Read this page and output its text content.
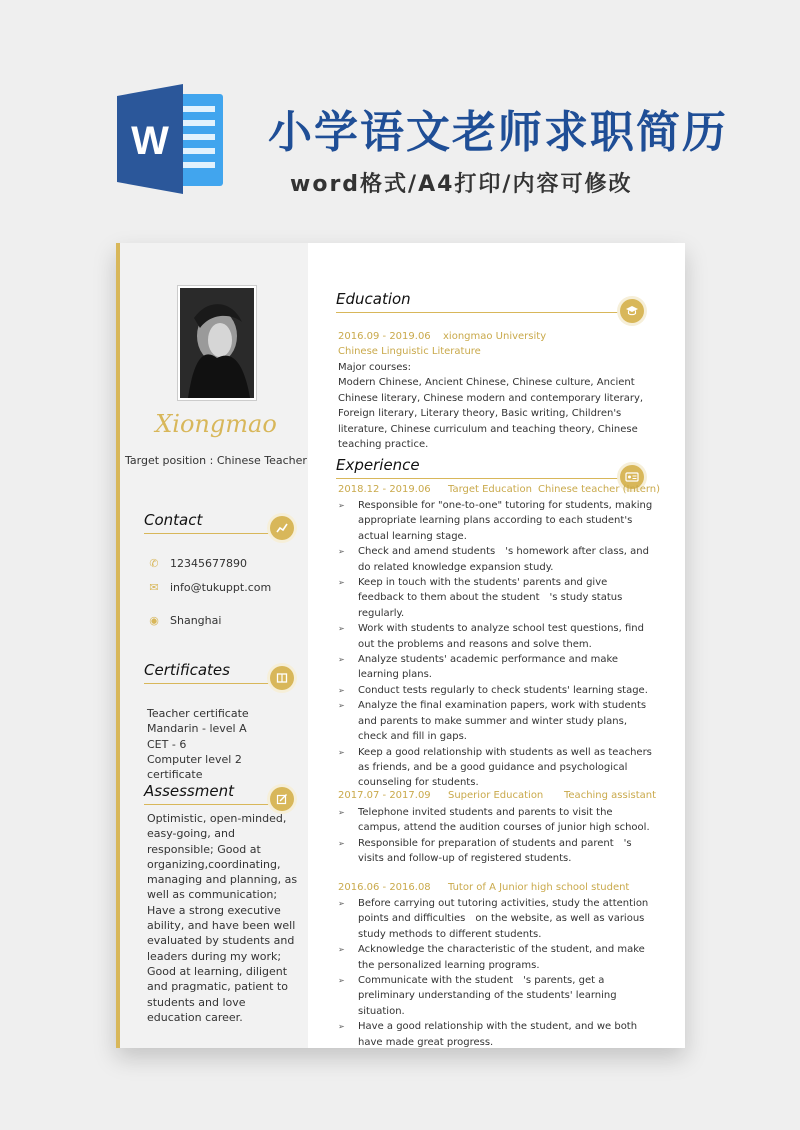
W 小学语文老师求职简历
word格式/A4打印/内容可修改
Xiongmao
Target position : Chinese Teacher
Contact
✆ 12345677890
✉ info@tukuppt.com
◉ Shanghai
Certificates
Teacher certificate
Mandarin - level A
CET - 6
Computer level 2 certificate
Assessment
Optimistic, open-minded, easy-going, and responsible; Good at organizing,coordinating, managing and planning, as well as communication; Have a strong executive ability, and have been well evaluated by students and leaders during my work; Good at learning, diligent and pragmatic, patient to students and love education career.
Education
2016.09 - 2019.06 xiongmao University
Chinese Linguistic Literature
Major courses:
Modern Chinese, Ancient Chinese, Chinese culture, Ancient Chinese literary, Chinese modern and contemporary literary, Foreign literary, Literary theory, Basic writing, Children's literature, Chinese curriculum and teaching theory, Chinese teaching practice.
Experience
2018.12 - 2019.06 Target Education Chinese teacher (Intern)
➢ Responsible for "one-to-one" tutoring for students, making appropriate learning plans according to each student's actual learning stage.
➢ Check and amend students　's homework after class, and do related knowledge expansion study.
➢ Keep in touch with the students' parents and give feedback to them about the student　's study status regularly.
➢ Work with students to analyze school test questions, find out the problems and reasons and solve them.
➢ Analyze students' academic performance and make learning plans.
➢ Conduct tests regularly to check students' learning stage.
➢ Analyze the final examination papers, work with students and parents to make summer and winter study plans, check and fill in gaps.
➢ Keep a good relationship with students as well as teachers as friends, and be a good guidance and psychological counseling for students.
2017.07 - 2017.09 Superior Education Teaching assistant
➢ Telephone invited students and parents to visit the campus, attend the audition courses of junior high school.
➢ Responsible for preparation of students and parent　's visits and follow-up of registered students.
2016.06 - 2016.08 Tutor of A Junior high school student
➢ Before carrying out tutoring activities, study the attention points and difficulties　on the website, as well as various study methods to different students.
➢ Acknowledge the characteristic of the student, and make the personalized learning programs.
➢ Communicate with the student　's parents, get a preliminary understanding of the students' learning situation.
➢ Have a good relationship with the student, and we both have made great progress.
